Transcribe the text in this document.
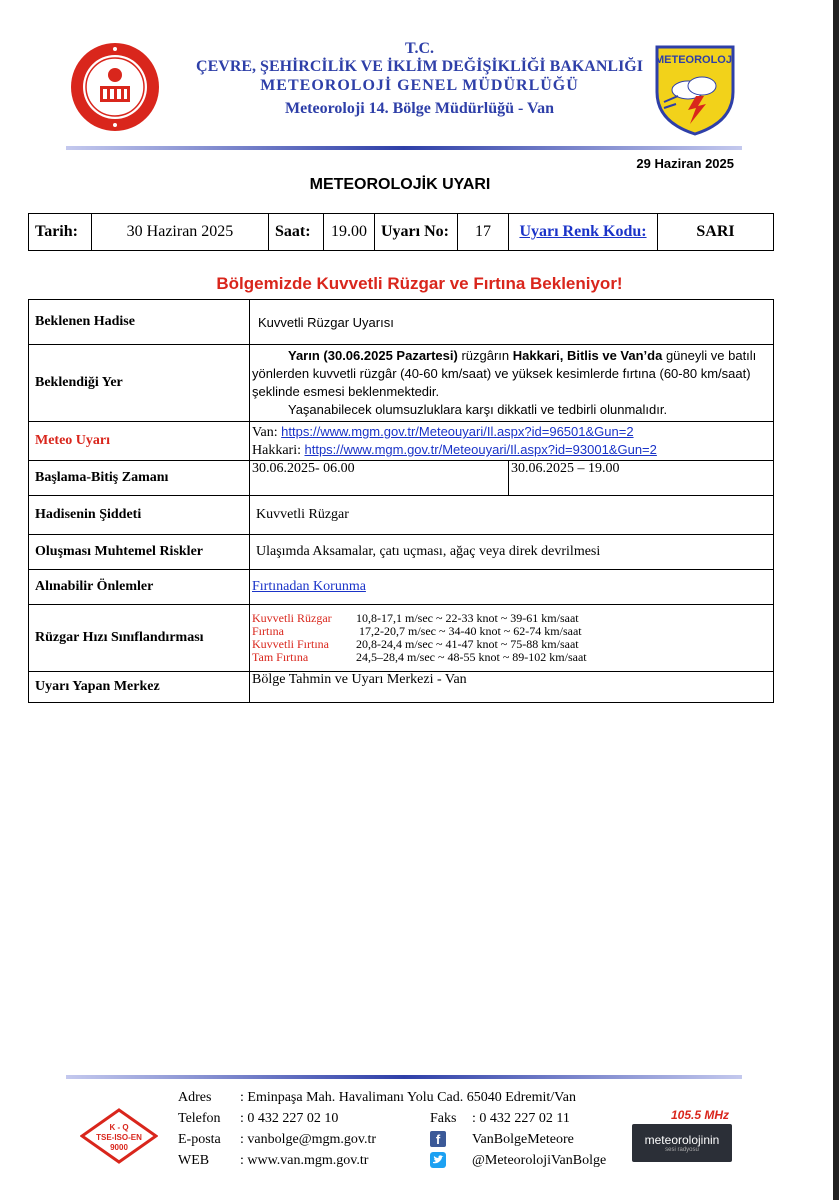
T.C.
ÇEVRE, ŞEHİRCİLİK VE İKLİM DEĞİŞİKLİĞİ BAKANLIĞI
METEOROLOJİ GENEL MÜDÜRLÜĞÜ
Meteoroloji 14. Bölge Müdürlüğü - Van
METEOROLOJİ
29 Haziran 2025
METEOROLOJİK UYARI
Tarih:	30 Haziran 2025	Saat:	19.00	Uyarı No:	17	Uyarı Renk Kodu:	SARI
Bölgemizde Kuvvetli Rüzgar ve Fırtına Bekleniyor!
Beklenen Hadise	Kuvvetli Rüzgar Uyarısı	
Beklendiği Yer	Yarın (30.06.2025 Pazartesi) rüzgârın Hakkari, Bitlis ve Van’da güneyli ve batılı yönlerden kuvvetli rüzgâr (40-60 km/saat) ve yüksek kesimlerde fırtına (60-80 km/saat) şeklinde esmesi beklenmektedir.
Yaşanabilecek olumsuzluklara karşı dikkatli ve tedbirli olunmalıdır.	

Meteo Uyarı	Van: https://www.mgm.gov.tr/Meteouyari/Il.aspx?id=96501&Gun=2
Hakkari: https://www.mgm.gov.tr/Meteouyari/Il.aspx?id=93001&Gun=2	

Başlama-Bitiş Zamanı	30.06.2025- 06.00	30.06.2025 – 19.00
Hadisenin Şiddeti	Kuvvetli Rüzgar	
Oluşması Muhtemel Riskler	Ulaşımda Aksamalar, çatı uçması, ağaç veya direk devrilmesi	
Alınabilir Önlemler	Fırtınadan Korunma	
Rüzgar Hızı Sınıflandırması	Kuvvetli Rüzgar 10,8-17,1 m/sec ~ 22-33 knot ~ 39-61 km/saat
Fırtına 17,2-20,7 m/sec ~ 34-40 knot ~ 62-74 km/saat
Kuvvetli Fırtına 20,8-24,4 m/sec ~ 41-47 knot ~ 75-88 km/saat
Tam Fırtına 24,5–28,4 m/sec ~ 48-55 knot ~ 89-102 km/saat	

Uyarı Yapan Merkez	Bölge Tahmin ve Uyarı Merkezi - Van	
K - Q
TSE-ISO-EN
9000
Adres	: Eminpaşa Mah. Havalimanı Yolu Cad. 65040 Edremit/Van		
Telefon	: 0 432 227 02 10	Faks	: 0 432 227 02 11
E-posta	: vanbolge@mgm.gov.tr	f	VanBolgeMeteore
WEB	: www.van.mgm.gov.tr		@MeteorolojiVanBolge
105.5 MHz
meteorolojinin
sesi radyosu
